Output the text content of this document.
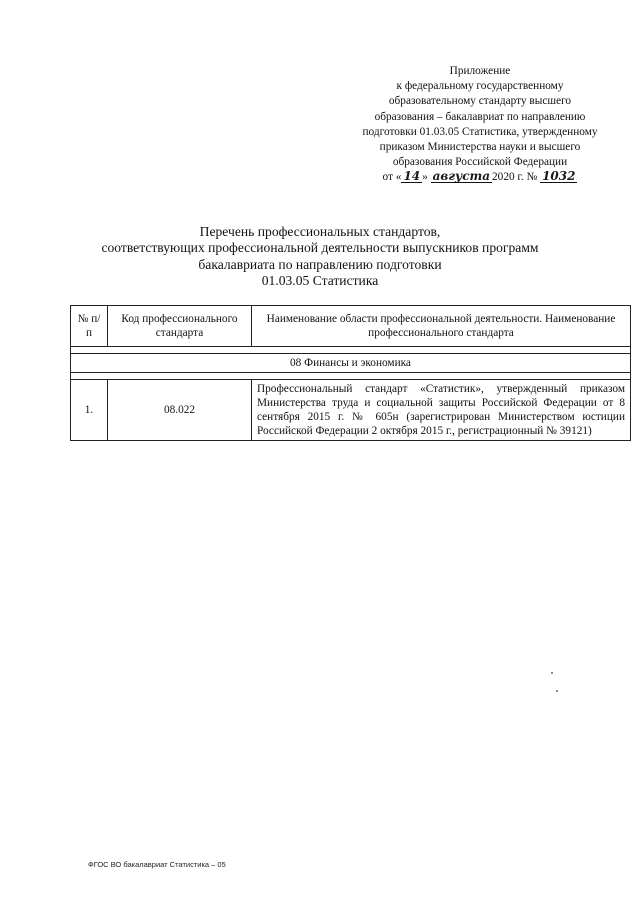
Приложение
к федеральному государственному
образовательному стандарту высшего
образования – бакалавриат по направлению
подготовки 01.03.05 Статистика, утвержденному
приказом Министерства науки и высшего
образования Российской Федерации
от « 14 » августа 2020 г. № 1032
Перечень профессиональных стандартов,
соответствующих профессиональной деятельности выпускников программ
бакалавриата по направлению подготовки
01.03.05 Статистика
№ п/п	Код профессионального стандарта	Наименование области профессиональной деятельности. Наименование профессионального стандарта

08 Финансы и экономика		

1.	08.022	Профессиональный стандарт «Статистик», утвержденный приказом Министерства труда и социальной защиты Российской Федерации от 8 сентября 2015 г. № 605н (зарегистрирован Министерством юстиции Российской Федерации 2 октября 2015 г., регистрационный № 39121)
ФГОС ВО бакалавриат Статистика – 05
